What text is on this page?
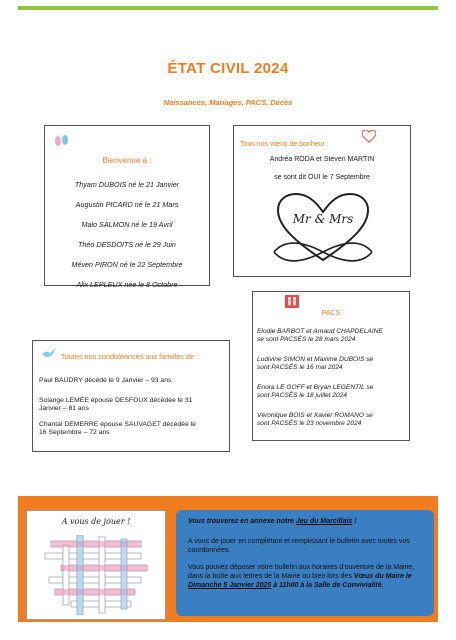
ÉTAT CIVIL 2024
Naissances, Mariages, PACS, Décès
Bienvenue à :
Thyam DUBOIS né le 21 Janvier
Augustin PICARD né le 21 Mars
Malo SALMON né le 19 Avril
Théo DESDOITS né le 29 Juin
Méven PIRON né le 22 Septembre
Alix LEPLEUX née le 8 Octobre
Tous nos vœux de bonheur :
Andréa RODA et Steven MARTIN
se sont dit OUI le 7 Septembre
Mr & Mrs
PACS
Elodie BARBOT et Arnaud CHAPDELAINE
se sont PACSÉS le 28 mars 2024
Ludivine SIMON et Maxime DUBOIS se
sont PACSÉS le 16 mai 2024
Enora LE GOFF et Bryan LEGENTIL se
sont PACSÉS le 18 juillet 2024
Véronique BOIS et Xavier ROMANO se
sont PACSÉS le 23 novembre 2024
Toutes nos condoléances aux familles de :
Paul BAUDRY décédé le 9 Janvier – 93 ans
Solange LEMÉE épouse DESFOUX décédée le 31
Janvier – 81 ans
Chantal DEMERRE épouse SAUVAGET décédée le
16 Septembre – 72 ans
A vous de jouer !	Vous trouverez en annexe notre Jeu du Marcillais !
A vous de jouer en complétant et remplissant le bulletin avec toutes vos coordonnées.
Vous pouvez déposer votre bulletin aux horaires d'ouverture de la Mairie, dans la boîte aux lettres de la Mairie ou bien lors des Vœux du Maire le Dimanche 5 Janvier 2025 à 11h00 à la Salle de Convivialité.
